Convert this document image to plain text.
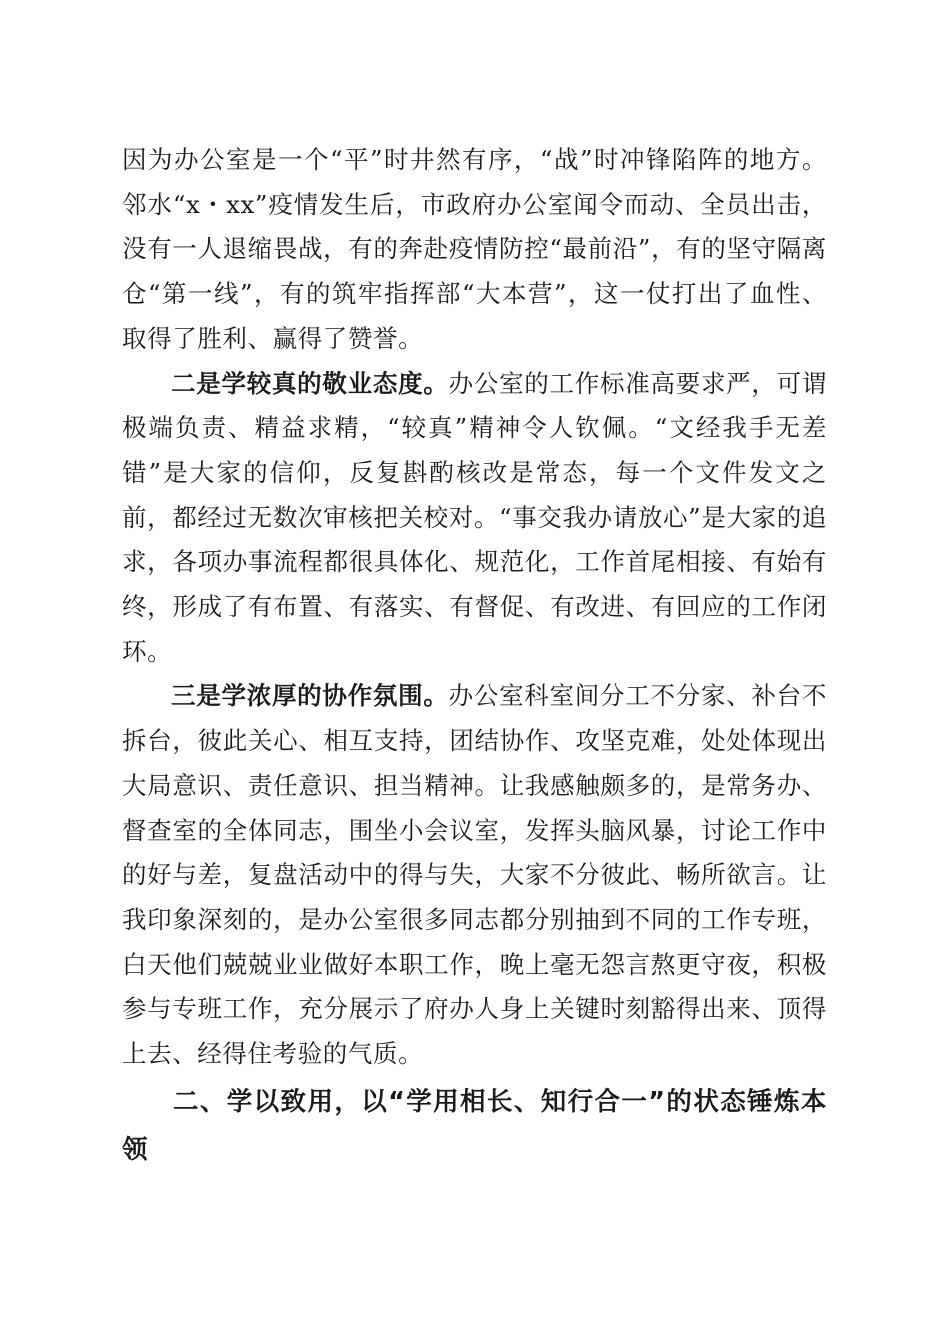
因为办公室是一个“平”时井然有序，“战”时冲锋陷阵的地方。邻水“x・xx”疫情发生后，市政府办公室闻令而动、全员出击，没有一人退缩畏战，有的奔赴疫情防控“最前沿”，有的坚守隔离仓“第一线”，有的筑牢指挥部“大本营”，这一仗打出了血性、取得了胜利、赢得了赞誉。

二是学较真的敬业态度。办公室的工作标准高要求严，可谓极端负责、精益求精，“较真”精神令人钦佩。“文经我手无差错”是大家的信仰，反复斟酌核改是常态，每一个文件发文之前，都经过无数次审核把关校对。“事交我办请放心”是大家的追求，各项办事流程都很具体化、规范化，工作首尾相接、有始有终，形成了有布置、有落实、有督促、有改进、有回应的工作闭环。

三是学浓厚的协作氛围。办公室科室间分工不分家、补台不拆台，彼此关心、相互支持，团结协作、攻坚克难，处处体现出大局意识、责任意识、担当精神。让我感触颇多的，是常务办、督查室的全体同志，围坐小会议室，发挥头脑风暴，讨论工作中的好与差，复盘活动中的得与失，大家不分彼此、畅所欲言。让我印象深刻的，是办公室很多同志都分别抽到不同的工作专班，白天他们兢兢业业做好本职工作，晚上毫无怨言熬更守夜，积极参与专班工作，充分展示了府办人身上关键时刻豁得出来、顶得上去、经得住考验的气质。

二、学以致用，以“学用相长、知行合一”的状态锤炼本领
